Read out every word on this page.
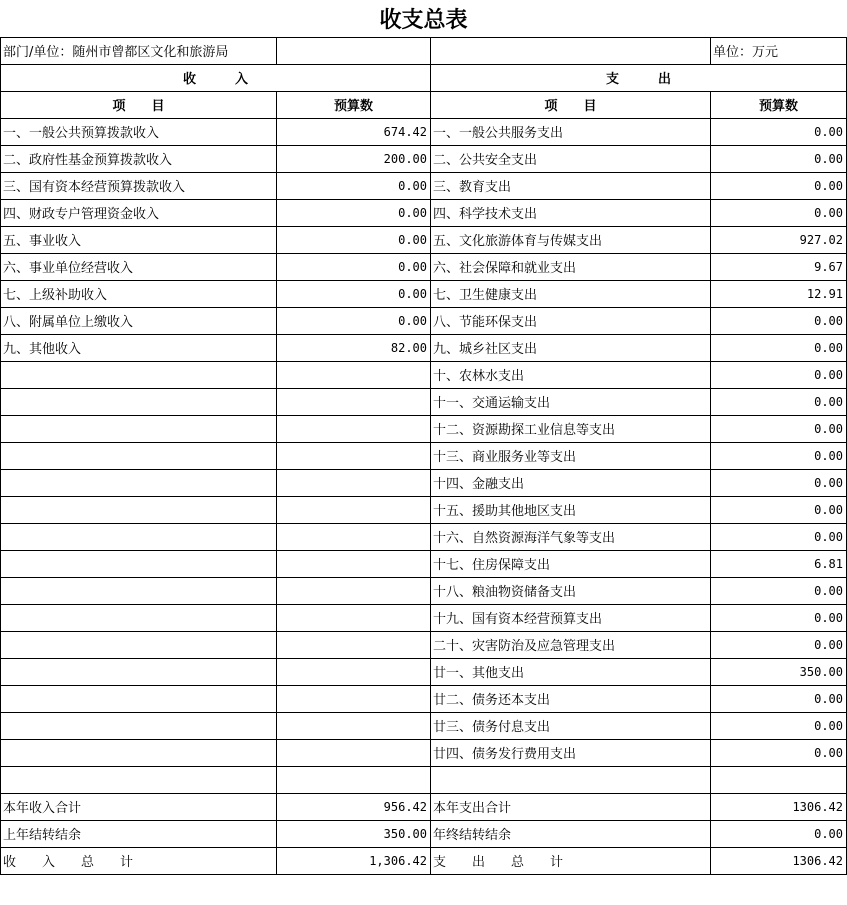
收支总表			
部门/单位：随州市曾都区文化和旅游局			单位：万元
收　　　入		支　　　出	
项　　目	预算数	项　　目	预算数
一、一般公共预算拨款收入	674.42	一、一般公共服务支出	0.00
二、政府性基金预算拨款收入	200.00	二、公共安全支出	0.00
三、国有资本经营预算拨款收入	0.00	三、教育支出	0.00
四、财政专户管理资金收入	0.00	四、科学技术支出	0.00
五、事业收入	0.00	五、文化旅游体育与传媒支出	927.02
六、事业单位经营收入	0.00	六、社会保障和就业支出	9.67
七、上级补助收入	0.00	七、卫生健康支出	12.91
八、附属单位上缴收入	0.00	八、节能环保支出	0.00
九、其他收入	82.00	九、城乡社区支出	0.00
		十、农林水支出	0.00
		十一、交通运输支出	0.00
		十二、资源勘探工业信息等支出	0.00
		十三、商业服务业等支出	0.00
		十四、金融支出	0.00
		十五、援助其他地区支出	0.00
		十六、自然资源海洋气象等支出	0.00
		十七、住房保障支出	6.81
		十八、粮油物资储备支出	0.00
		十九、国有资本经营预算支出	0.00
		二十、灾害防治及应急管理支出	0.00
		廿一、其他支出	350.00
		廿二、债务还本支出	0.00
		廿三、债务付息支出	0.00
		廿四、债务发行费用支出	0.00

本年收入合计	956.42	本年支出合计	1306.42
上年结转结余	350.00	年终结转结余	0.00
收　　入　　总　　计	1,306.42	支　　出　　总　　计	1306.42
